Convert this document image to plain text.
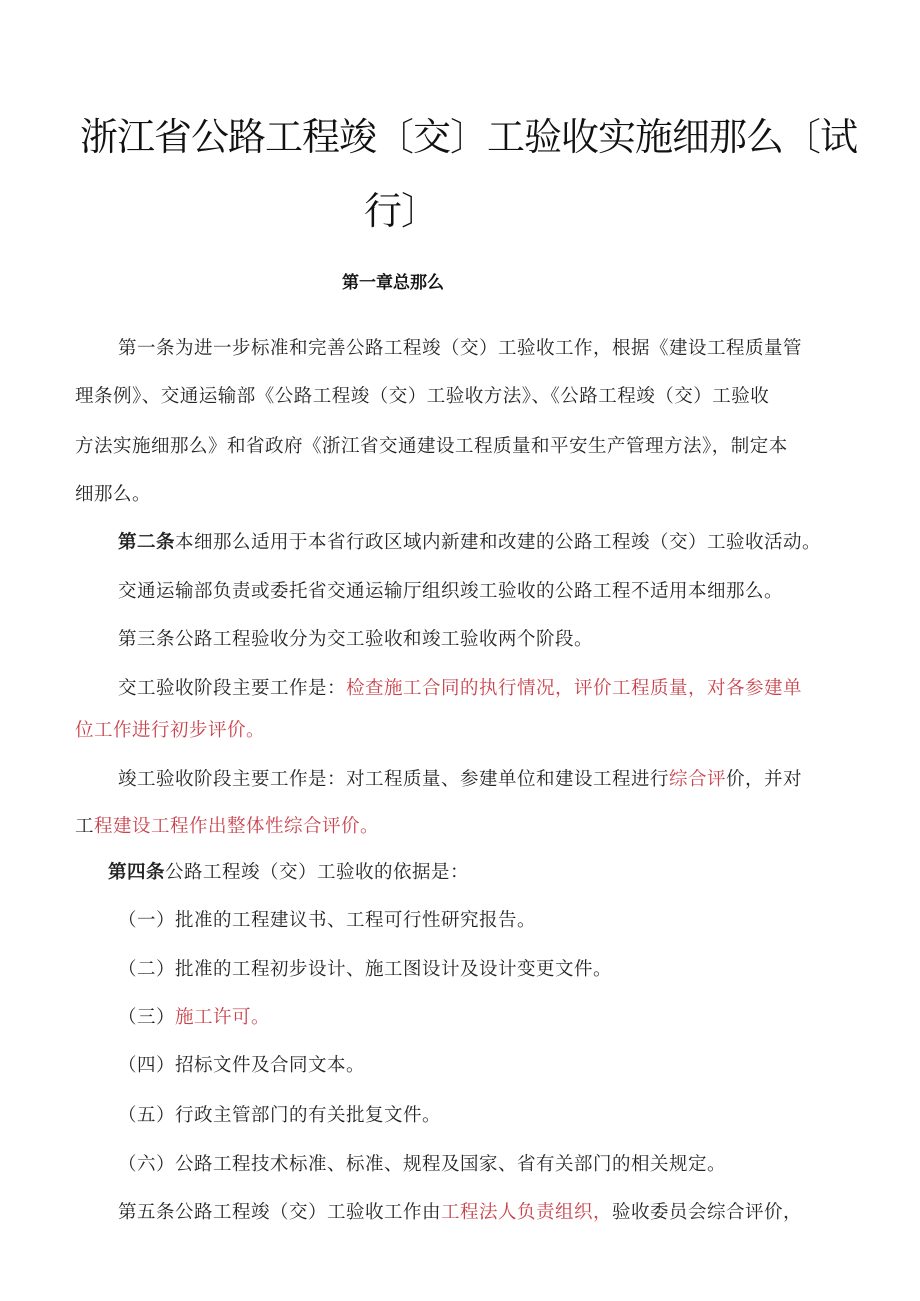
浙江省公路工程竣〔交〕工验收实施细那么〔试
行〕
第一章总那么
第一条为进一步标准和完善公路工程竣（交）工验收工作，根据《建设工程质量管
理条例》、交通运输部《公路工程竣（交）工验收方法》、《公路工程竣（交）工验收
方法实施细那么》和省政府《浙江省交通建设工程质量和平安生产管理方法》，制定本
细那么。
第二条本细那么适用于本省行政区域内新建和改建的公路工程竣（交）工验收活动。
交通运输部负责或委托省交通运输厅组织竣工验收的公路工程不适用本细那么。
第三条公路工程验收分为交工验收和竣工验收两个阶段。
交工验收阶段主要工作是：检查施工合同的执行情况，评价工程质量，对各参建单
位工作进行初步评价。
竣工验收阶段主要工作是：对工程质量、参建单位和建设工程进行综合评价，并对
工程建设工程作出整体性综合评价。
第四条公路工程竣（交）工验收的依据是：
（一）批准的工程建议书、工程可行性研究报告。
（二）批准的工程初步设计、施工图设计及设计变更文件。
（三）施工许可。
（四）招标文件及合同文本。
（五）行政主管部门的有关批复文件。
（六）公路工程技术标准、标准、规程及国家、省有关部门的相关规定。
第五条公路工程竣（交）工验收工作由工程法人负责组织，验收委员会综合评价，
